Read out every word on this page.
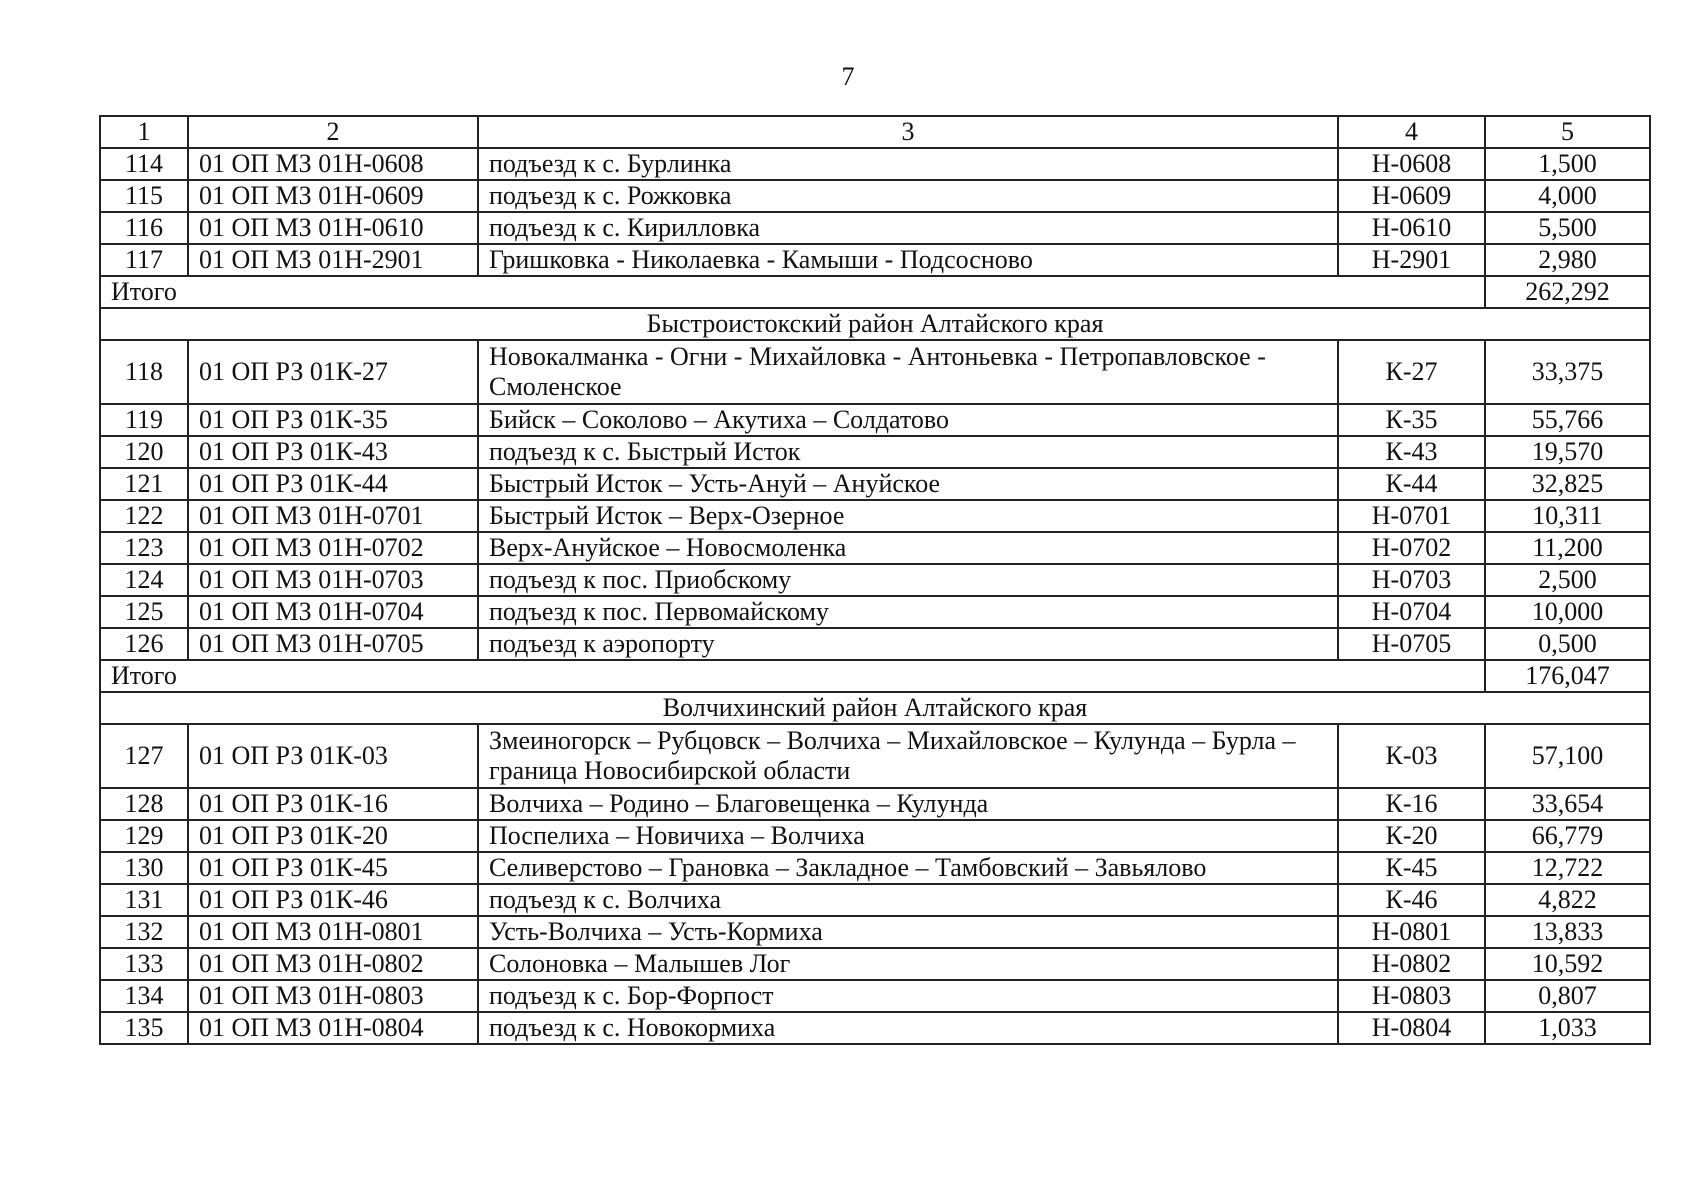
7
1	2	3	4	5
114	01 ОП МЗ 01Н-0608	подъезд к с. Бурлинка	Н-0608	1,500
115	01 ОП МЗ 01Н-0609	подъезд к с. Рожковка	Н-0609	4,000
116	01 ОП МЗ 01Н-0610	подъезд к с. Кирилловка	Н-0610	5,500
117	01 ОП МЗ 01Н-2901	Гришковка - Николаевка - Камыши - Подсосново	Н-2901	2,980
Итого				262,292
Быстроистокский район Алтайского края				
118	01 ОП РЗ 01К-27	Новокалманка - Огни - Михайловка - Антоньевка - Петропавловское - Смоленское	К-27	33,375
119	01 ОП РЗ 01К-35	Бийск – Соколово – Акутиха – Солдатово	К-35	55,766
120	01 ОП РЗ 01К-43	подъезд к с. Быстрый Исток	К-43	19,570
121	01 ОП РЗ 01К-44	Быстрый Исток – Усть-Ануй – Ануйское	К-44	32,825
122	01 ОП МЗ 01Н-0701	Быстрый Исток – Верх-Озерное	Н-0701	10,311
123	01 ОП МЗ 01Н-0702	Верх-Ануйское – Новосмоленка	Н-0702	11,200
124	01 ОП МЗ 01Н-0703	подъезд к пос. Приобскому	Н-0703	2,500
125	01 ОП МЗ 01Н-0704	подъезд к пос. Первомайскому	Н-0704	10,000
126	01 ОП МЗ 01Н-0705	подъезд к аэропорту	Н-0705	0,500
Итого				176,047
Волчихинский район Алтайского края				
127	01 ОП РЗ 01К-03	Змеиногорск – Рубцовск – Волчиха – Михайловское – Кулунда – Бурла – граница Новосибирской области	К-03	57,100
128	01 ОП РЗ 01К-16	Волчиха – Родино – Благовещенка – Кулунда	К-16	33,654
129	01 ОП РЗ 01К-20	Поспелиха – Новичиха – Волчиха	К-20	66,779
130	01 ОП РЗ 01К-45	Селиверстово – Грановка – Закладное – Тамбовский – Завьялово	К-45	12,722
131	01 ОП РЗ 01К-46	подъезд к с. Волчиха	К-46	4,822
132	01 ОП МЗ 01Н-0801	Усть-Волчиха – Усть-Кормиха	Н-0801	13,833
133	01 ОП МЗ 01Н-0802	Солоновка – Малышев Лог	Н-0802	10,592
134	01 ОП МЗ 01Н-0803	подъезд к с. Бор-Форпост	Н-0803	0,807
135	01 ОП МЗ 01Н-0804	подъезд к с. Новокормиха	Н-0804	1,033
